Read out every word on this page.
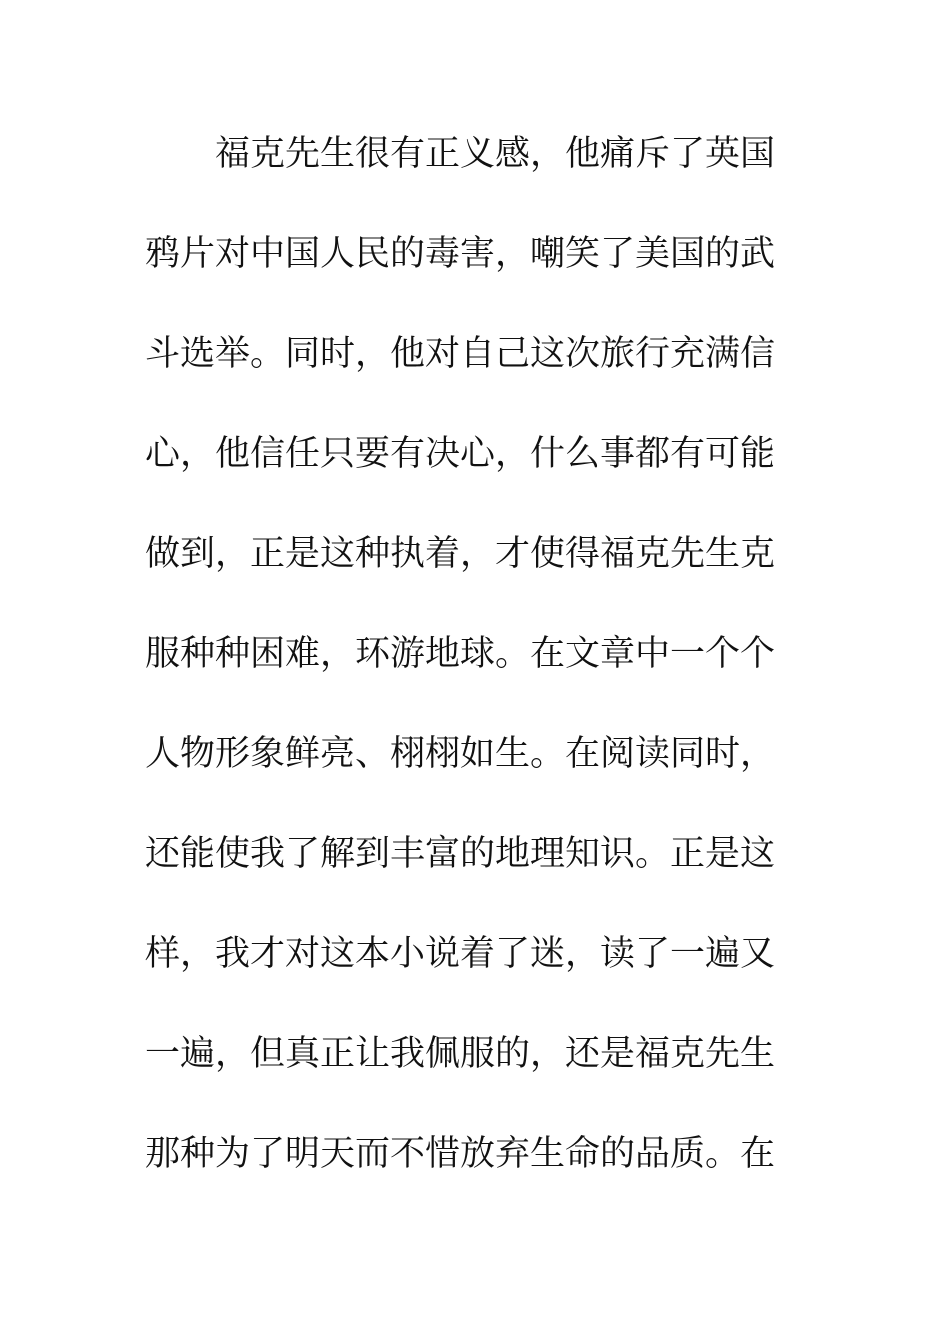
福克先生很有正义感，他痛斥了英国
鸦片对中国人民的毒害，嘲笑了美国的武
斗选举。同时，他对自己这次旅行充满信
心，他信任只要有决心，什么事都有可能
做到，正是这种执着，才使得福克先生克
服种种困难，环游地球。在文章中一个个
人物形象鲜亮、栩栩如生。在阅读同时，
还能使我了解到丰富的地理知识。正是这
样，我才对这本小说着了迷，读了一遍又
一遍，但真正让我佩服的，还是福克先生
那种为了明天而不惜放弃生命的品质。在
